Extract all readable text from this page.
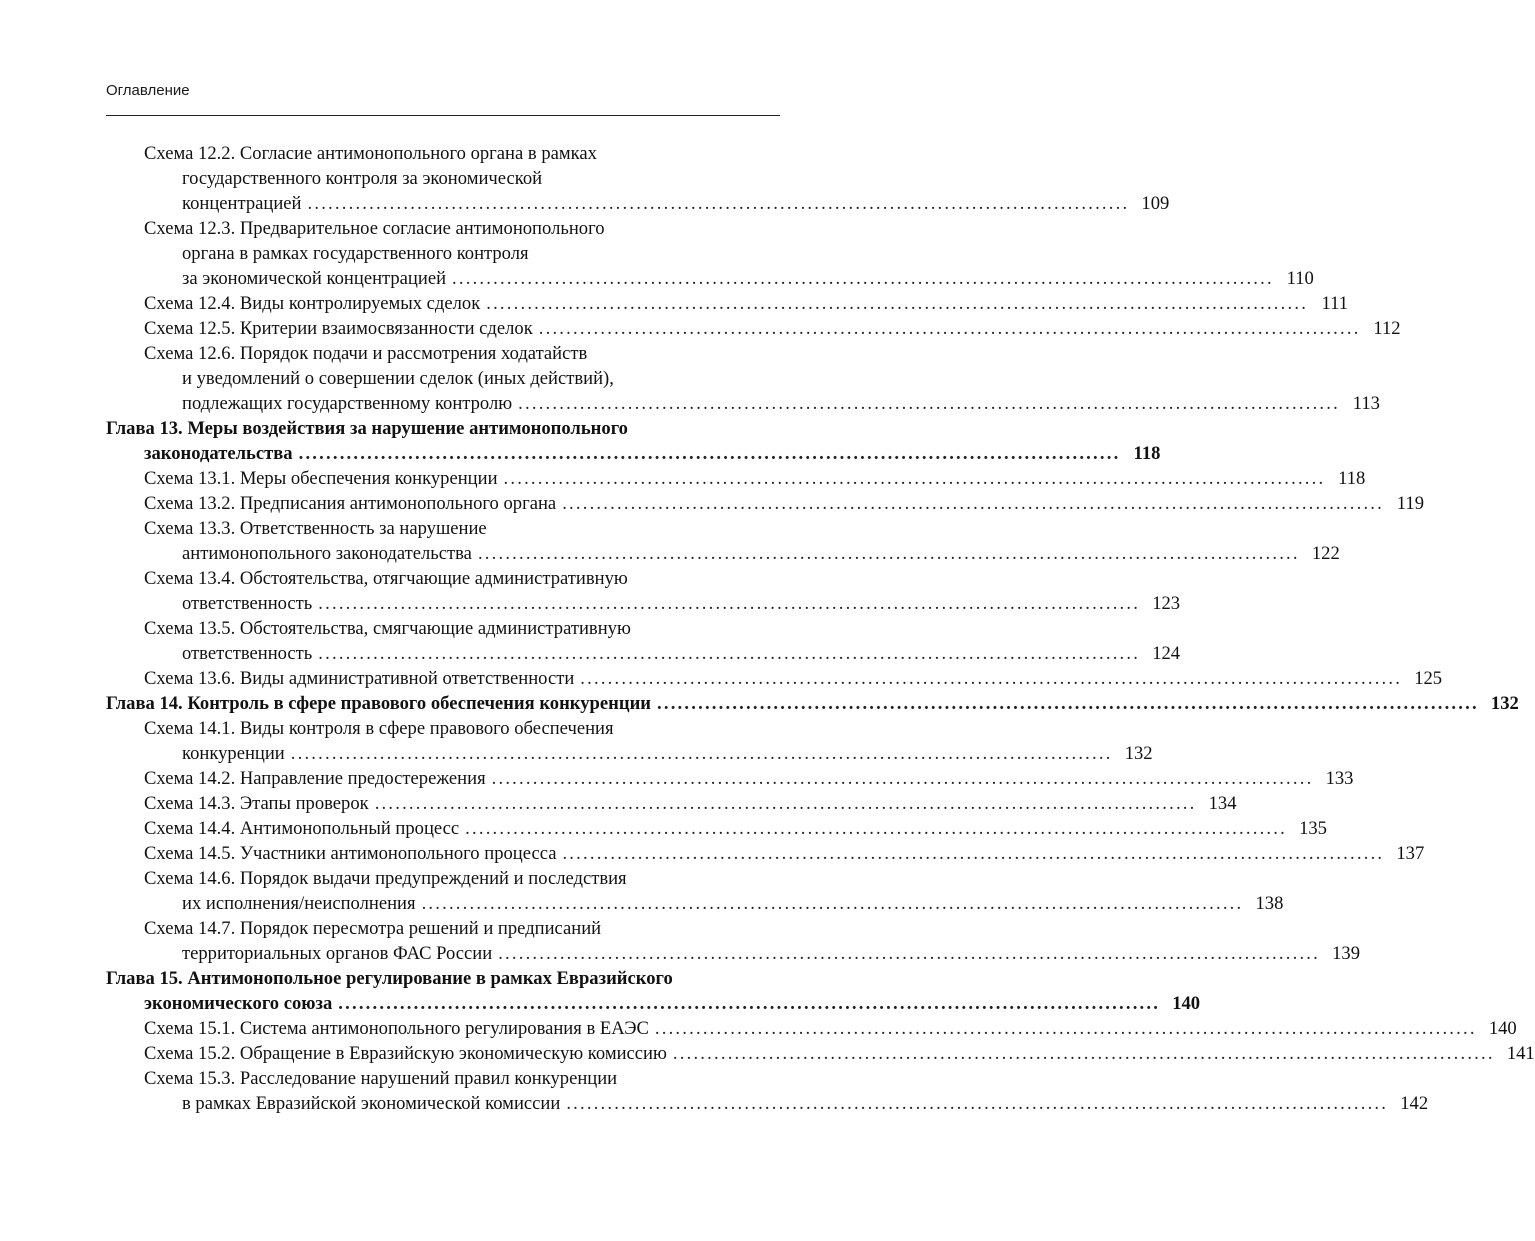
Оглавление
Схема 12.2. Согласие антимонопольного органа в рамках
государственного контроля за экономической
концентрацией ........................................................................................................................ 109
Схема 12.3. Предварительное согласие антимонопольного
органа в рамках государственного контроля
за экономической концентрацией ........................................................................................................................ 110
Схема 12.4. Виды контролируемых сделок ........................................................................................................................ 111
Схема 12.5. Критерии взаимосвязанности сделок ........................................................................................................................ 112
Схема 12.6. Порядок подачи и рассмотрения ходатайств
и уведомлений о совершении сделок (иных действий),
подлежащих государственному контролю ........................................................................................................................ 113
Глава 13. Меры воздействия за нарушение антимонопольного
законодательства ........................................................................................................................ 118
Схема 13.1. Меры обеспечения конкуренции ........................................................................................................................ 118
Схема 13.2. Предписания антимонопольного органа ........................................................................................................................ 119
Схема 13.3. Ответственность за нарушение
антимонопольного законодательства ........................................................................................................................ 122
Схема 13.4. Обстоятельства, отягчающие административную
ответственность ........................................................................................................................ 123
Схема 13.5. Обстоятельства, смягчающие административную
ответственность ........................................................................................................................ 124
Схема 13.6. Виды административной ответственности ........................................................................................................................ 125
Глава 14. Контроль в сфере правового обеспечения конкуренции ........................................................................................................................ 132
Схема 14.1. Виды контроля в сфере правового обеспечения
конкуренции ........................................................................................................................ 132
Схема 14.2. Направление предостережения ........................................................................................................................ 133
Схема 14.3. Этапы проверок ........................................................................................................................ 134
Схема 14.4. Антимонопольный процесс ........................................................................................................................ 135
Схема 14.5. Участники антимонопольного процесса ........................................................................................................................ 137
Схема 14.6. Порядок выдачи предупреждений и последствия
их исполнения/неисполнения ........................................................................................................................ 138
Схема 14.7. Порядок пересмотра решений и предписаний
территориальных органов ФАС России ........................................................................................................................ 139
Глава 15. Антимонопольное регулирование в рамках Евразийского
экономического союза ........................................................................................................................ 140
Схема 15.1. Система антимонопольного регулирования в ЕАЭС ........................................................................................................................ 140
Схема 15.2. Обращение в Евразийскую экономическую комиссию ........................................................................................................................ 141
Схема 15.3. Расследование нарушений правил конкуренции
в рамках Евразийской экономической комиссии ........................................................................................................................ 142
